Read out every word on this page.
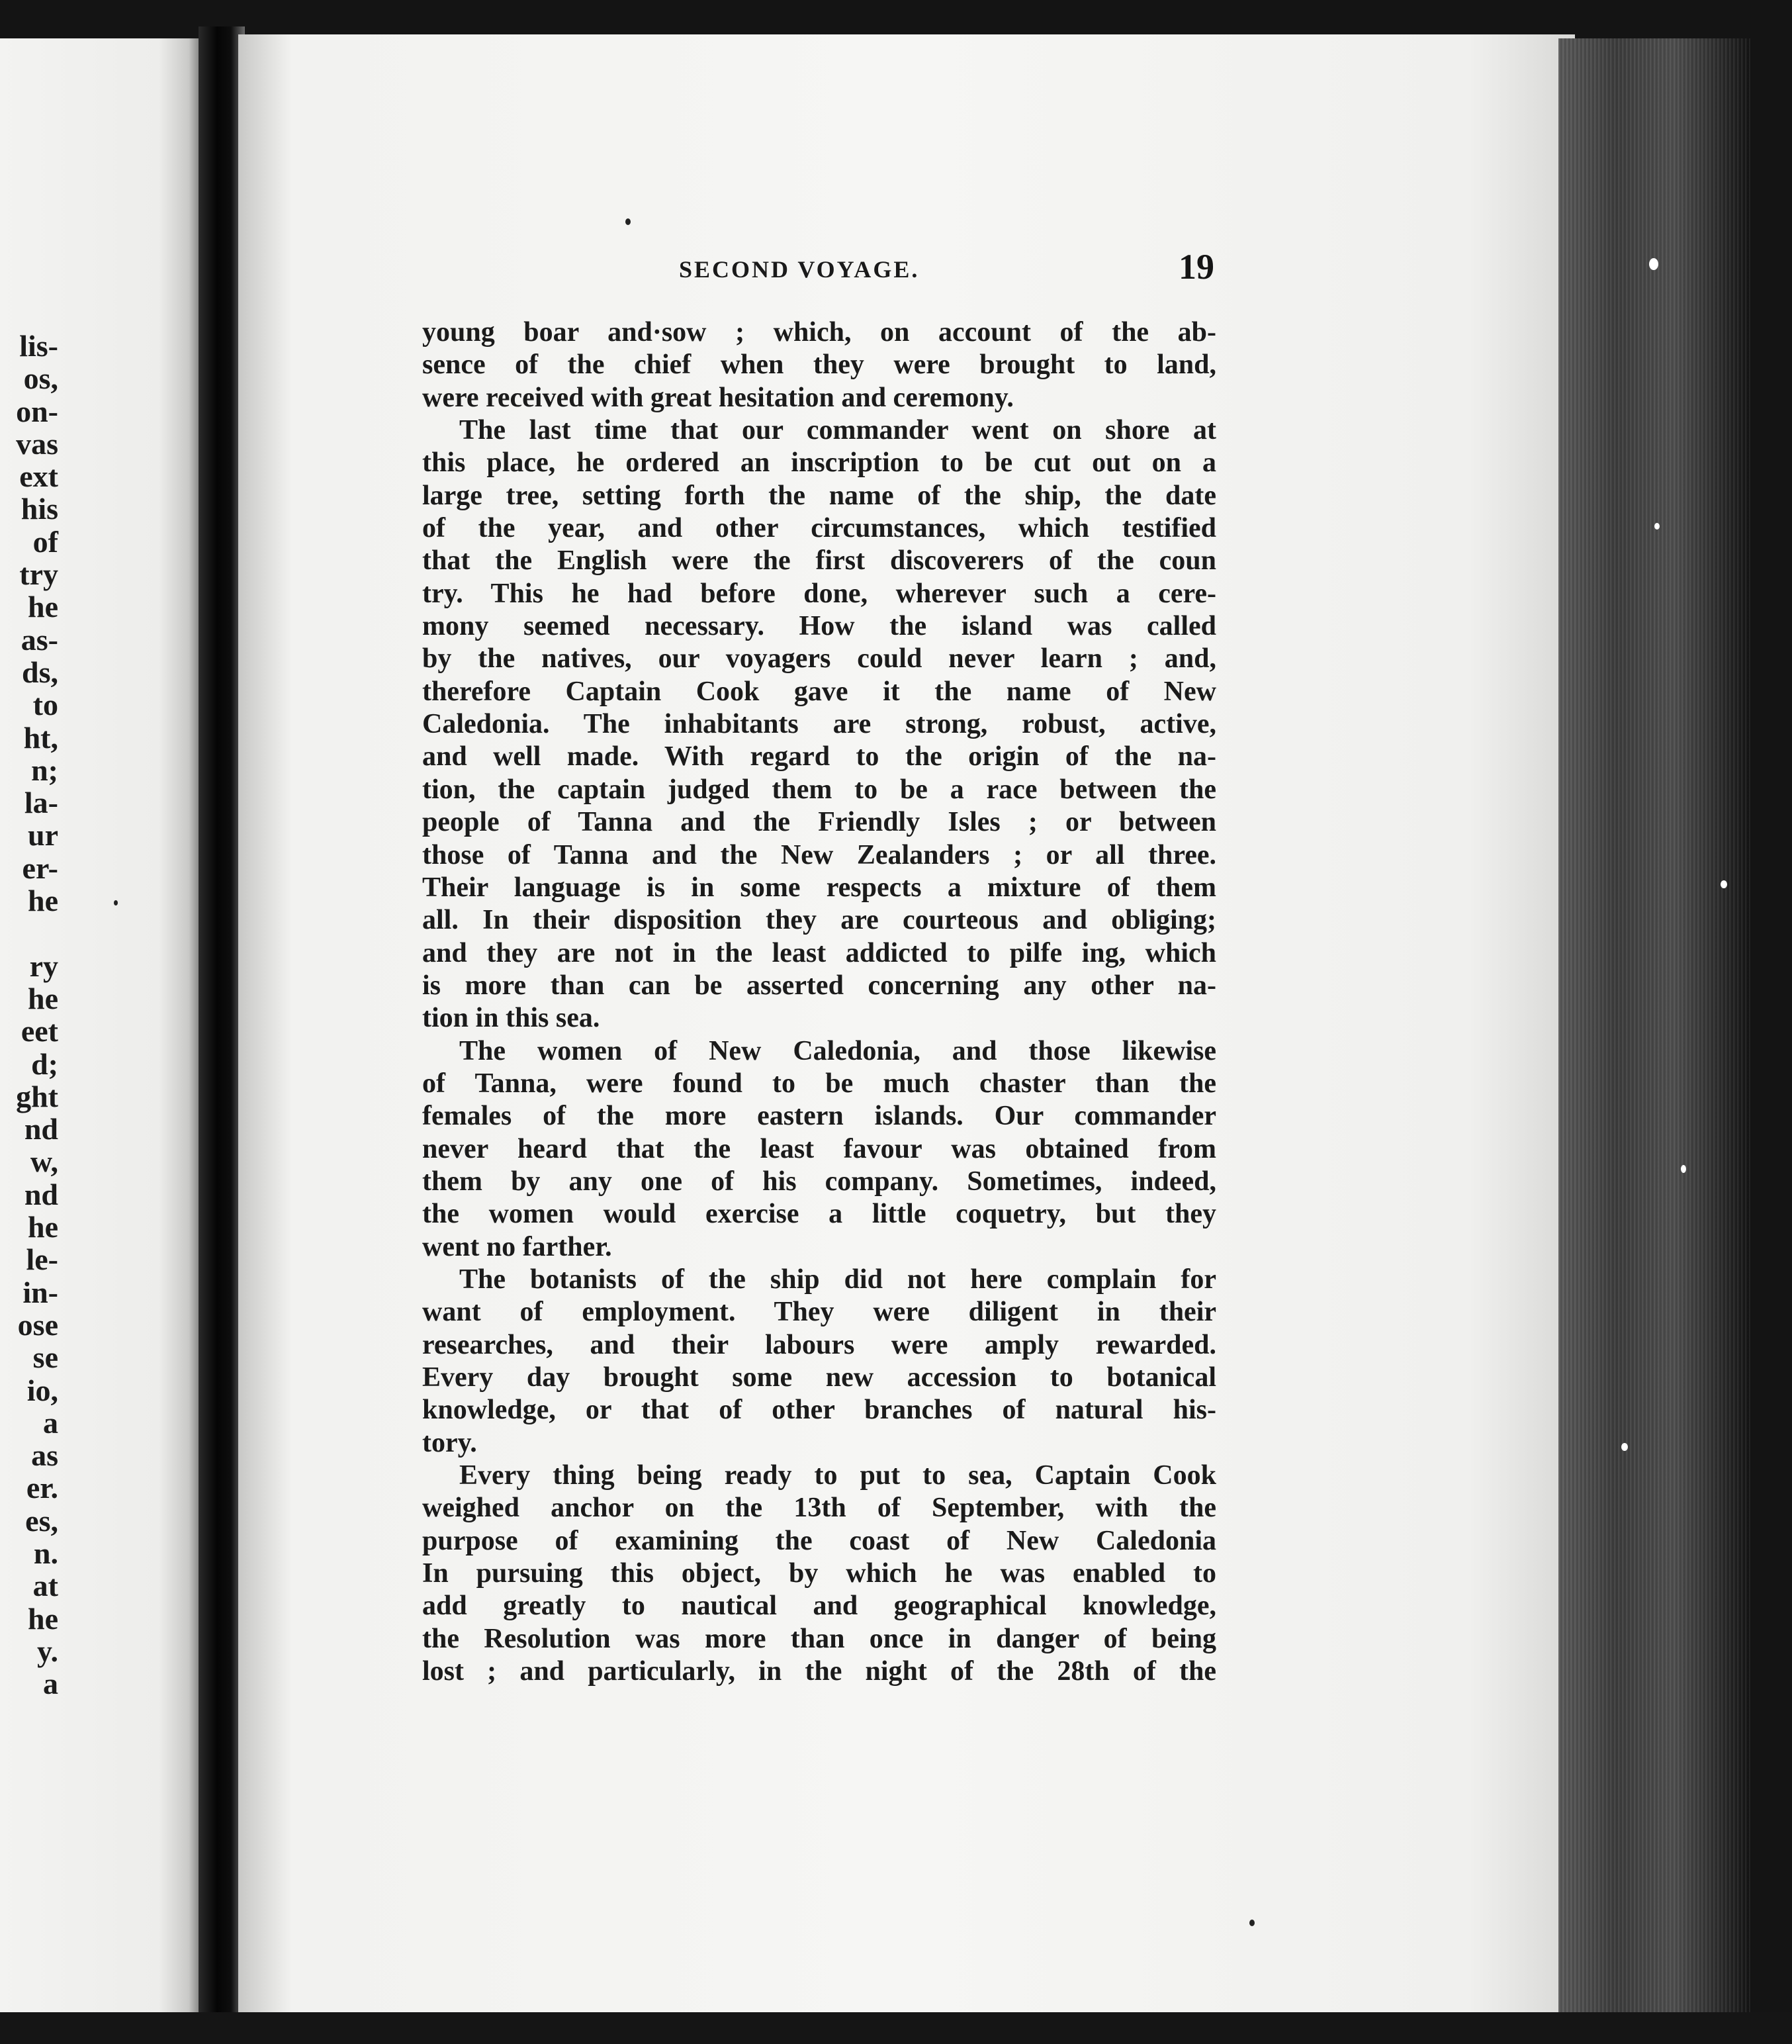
lis-
os,
on-
vas
ext
his
of
try
he
as-
ds,
to
ht,
n;
la-
ur
er-
he
ry
he
eet
d;
ght
nd
w,
nd
he
le-
in-
ose
se
io,
a
as
er.
es,
n.
at
he
y.
a
SECOND VOYAGE.	19
young boar and·sow ; which, on account of the ab-
sence of the chief when they were brought to land,
were received with great hesitation and ceremony.
The last time that our commander went on shore at
this place, he ordered an inscription to be cut out on a
large tree, setting forth the name of the ship, the date
of the year, and other circumstances, which testified
that the English were the first discoverers of the coun
try. This he had before done, wherever such a cere-
mony seemed necessary. How the island was called
by the natives, our voyagers could never learn ; and,
therefore Captain Cook gave it the name of New
Caledonia. The inhabitants are strong, robust, active,
and well made. With regard to the origin of the na-
tion, the captain judged them to be a race between the
people of Tanna and the Friendly Isles ; or between
those of Tanna and the New Zealanders ; or all three.
Their language is in some respects a mixture of them
all. In their disposition they are courteous and obliging;
and they are not in the least addicted to pilfe ing, which
is more than can be asserted concerning any other na-
tion in this sea.
The women of New Caledonia, and those likewise
of Tanna, were found to be much chaster than the
females of the more eastern islands. Our commander
never heard that the least favour was obtained from
them by any one of his company. Sometimes, indeed,
the women would exercise a little coquetry, but they
went no farther.
The botanists of the ship did not here complain for
want of employment. They were diligent in their
researches, and their labours were amply rewarded.
Every day brought some new accession to botanical
knowledge, or that of other branches of natural his-
tory.
Every thing being ready to put to sea, Captain Cook
weighed anchor on the 13th of September, with the
purpose of examining the coast of New Caledonia
In pursuing this object, by which he was enabled to
add greatly to nautical and geographical knowledge,
the Resolution was more than once in danger of being
lost ; and particularly, in the night of the 28th of the
